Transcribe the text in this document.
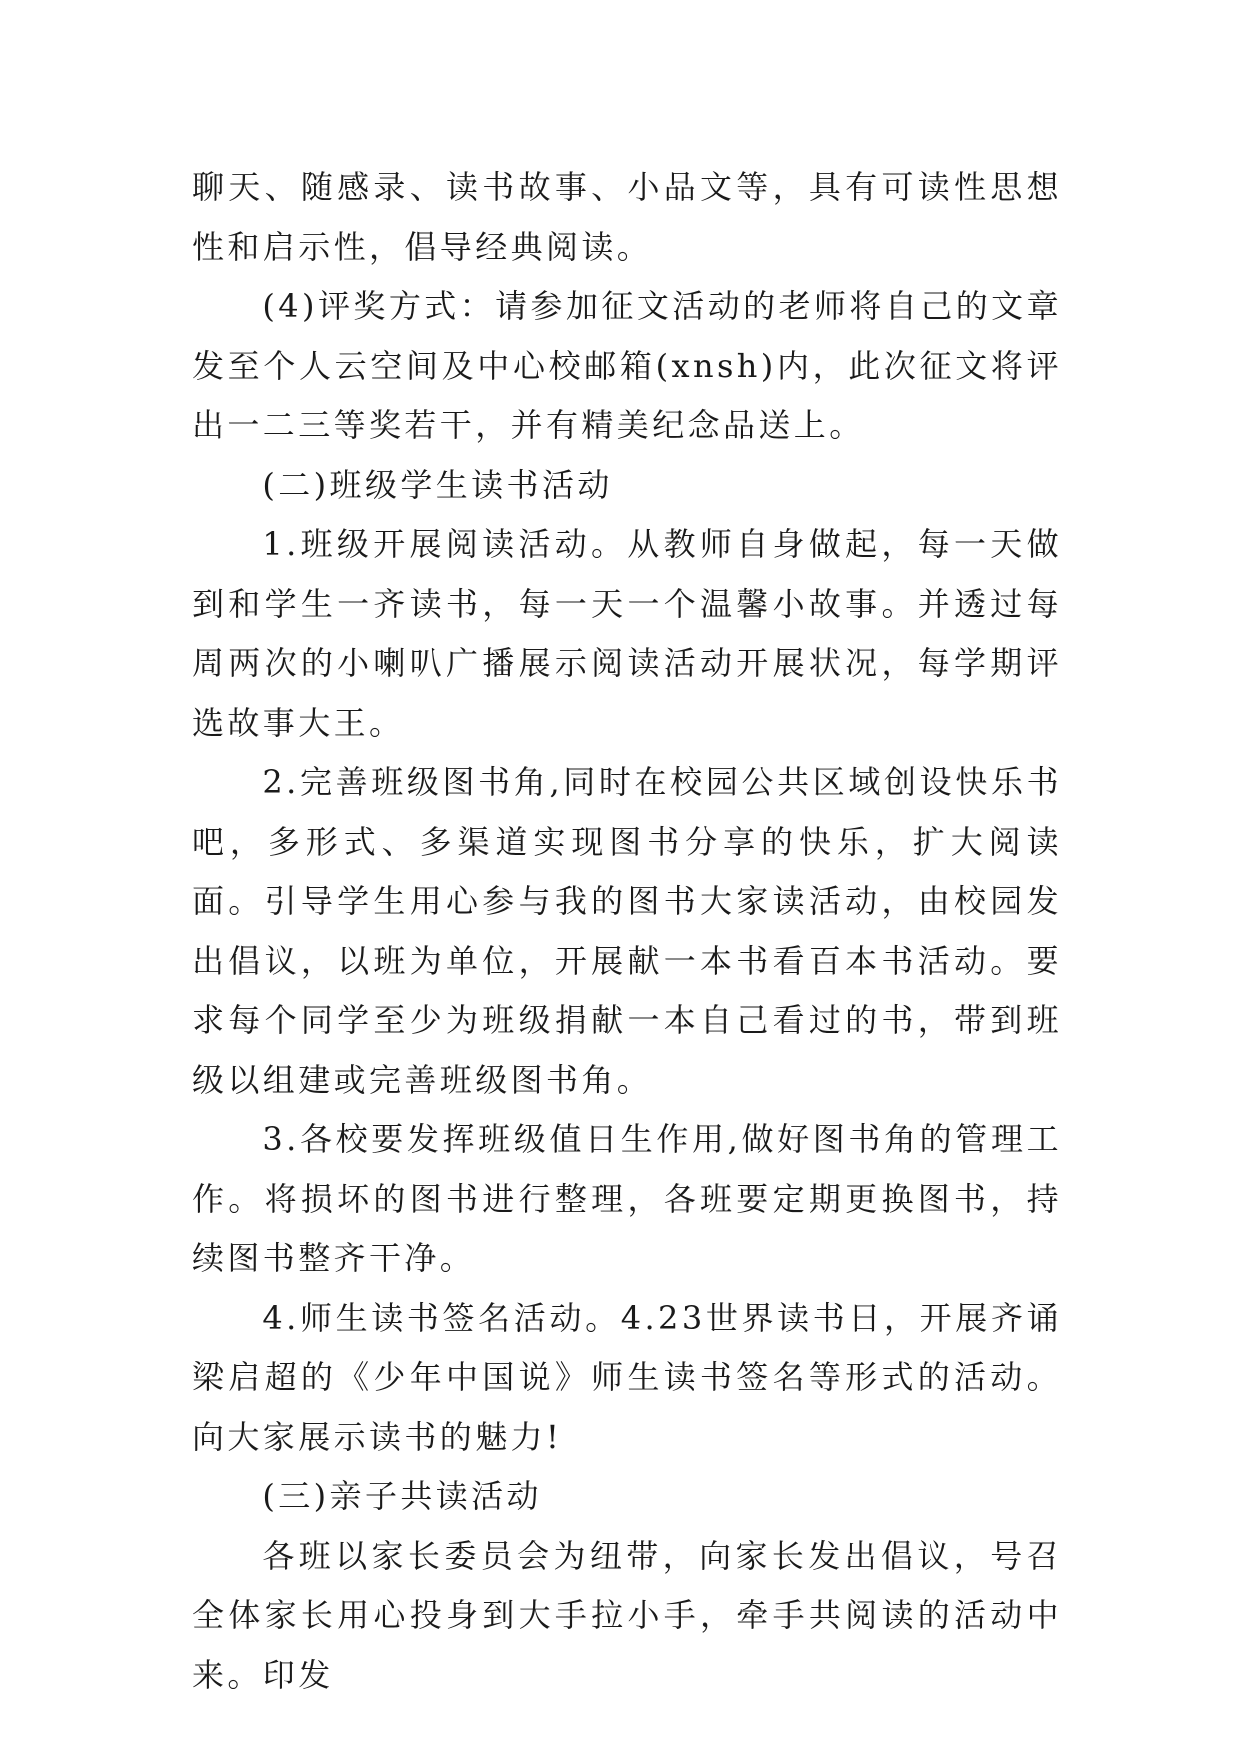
聊天、随感录、读书故事、小品文等，具有可读性思想性和启示性，倡导经典阅读。

(4)评奖方式：请参加征文活动的老师将自己的文章发至个人云空间及中心校邮箱(xnsh)内，此次征文将评出一二三等奖若干，并有精美纪念品送上。

(二)班级学生读书活动

1.班级开展阅读活动。从教师自身做起，每一天做到和学生一齐读书，每一天一个温馨小故事。并透过每周两次的小喇叭广播展示阅读活动开展状况，每学期评选故事大王。

2.完善班级图书角,同时在校园公共区域创设快乐书吧，多形式、多渠道实现图书分享的快乐，扩大阅读面。引导学生用心参与我的图书大家读活动，由校园发出倡议，以班为单位，开展献一本书看百本书活动。要求每个同学至少为班级捐献一本自己看过的书，带到班级以组建或完善班级图书角。

3.各校要发挥班级值日生作用,做好图书角的管理工作。将损坏的图书进行整理，各班要定期更换图书，持续图书整齐干净。

4.师生读书签名活动。4.23世界读书日，开展齐诵梁启超的《少年中国说》师生读书签名等形式的活动。向大家展示读书的魅力!

(三)亲子共读活动

各班以家长委员会为纽带，向家长发出倡议，号召全体家长用心投身到大手拉小手，牵手共阅读的活动中来。印发
